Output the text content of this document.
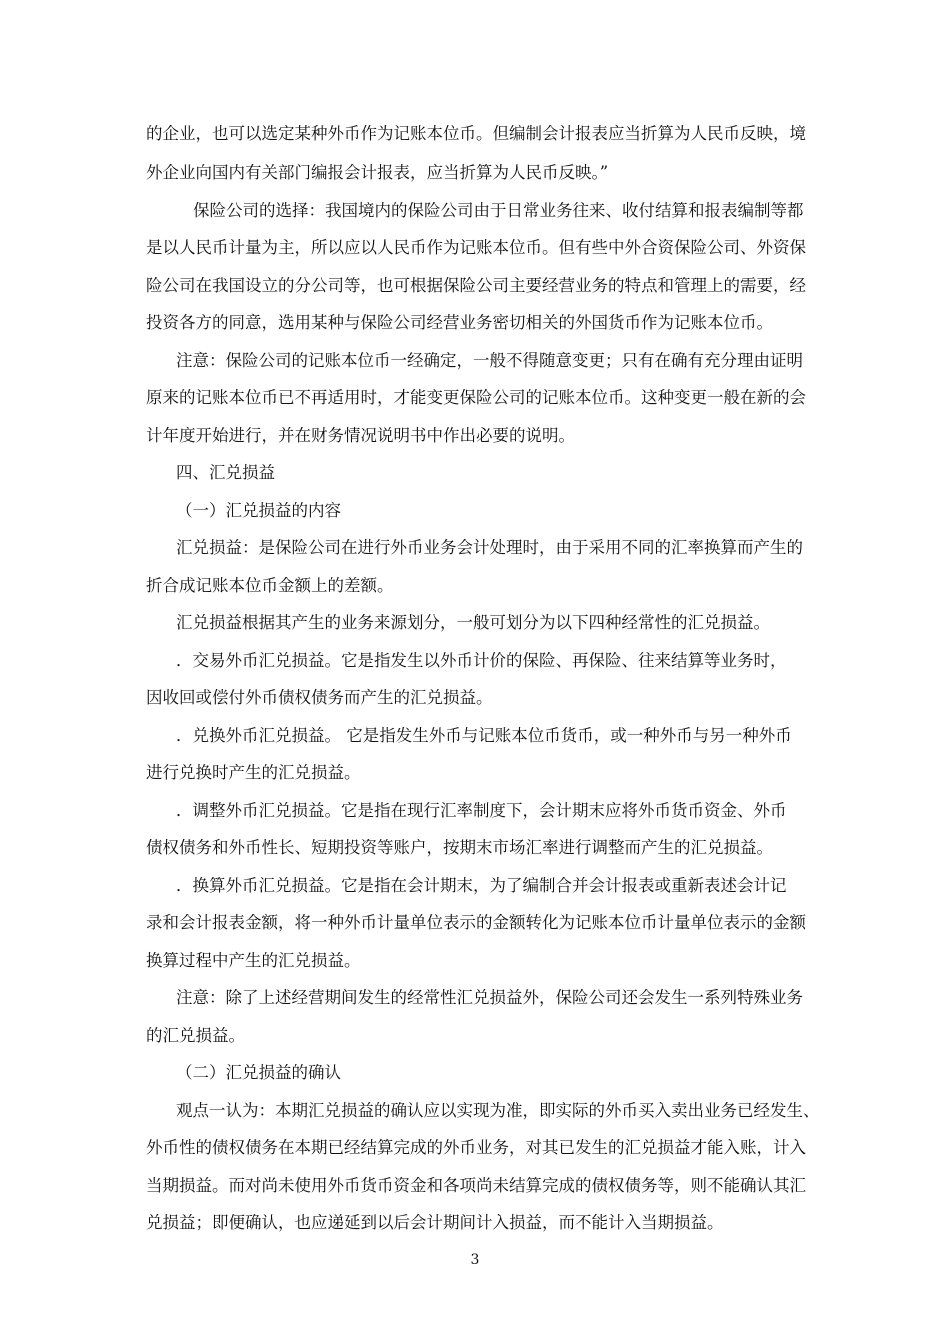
的企业，也可以选定某种外币作为记账本位币。但编制会计报表应当折算为人民币反映，境
外企业向国内有关部门编报会计报表，应当折算为人民币反映。”
保险公司的选择：我国境内的保险公司由于日常业务往来、收付结算和报表编制等都
是以人民币计量为主，所以应以人民币作为记账本位币。但有些中外合资保险公司、外资保
险公司在我国设立的分公司等，也可根据保险公司主要经营业务的特点和管理上的需要，经
投资各方的同意，选用某种与保险公司经营业务密切相关的外国货币作为记账本位币。
注意：保险公司的记账本位币一经确定，一般不得随意变更；只有在确有充分理由证明
原来的记账本位币已不再适用时，才能变更保险公司的记账本位币。这种变更一般在新的会
计年度开始进行，并在财务情况说明书中作出必要的说明。
四、汇兑损益
（一）汇兑损益的内容
汇兑损益：是保险公司在进行外币业务会计处理时，由于采用不同的汇率换算而产生的
折合成记账本位币金额上的差额。
汇兑损益根据其产生的业务来源划分，一般可划分为以下四种经常性的汇兑损益。
．交易外币汇兑损益。它是指发生以外币计价的保险、再保险、往来结算等业务时，
因收回或偿付外币债权债务而产生的汇兑损益。
．兑换外币汇兑损益。 它是指发生外币与记账本位币货币，或一种外币与另一种外币
进行兑换时产生的汇兑损益。
．调整外币汇兑损益。它是指在现行汇率制度下，会计期末应将外币货币资金、外币
债权债务和外币性长、短期投资等账户，按期末市场汇率进行调整而产生的汇兑损益。
．换算外币汇兑损益。它是指在会计期末，为了编制合并会计报表或重新表述会计记
录和会计报表金额，将一种外币计量单位表示的金额转化为记账本位币计量单位表示的金额
换算过程中产生的汇兑损益。
注意：除了上述经营期间发生的经常性汇兑损益外，保险公司还会发生一系列特殊业务
的汇兑损益。
（二）汇兑损益的确认
观点一认为：本期汇兑损益的确认应以实现为准，即实际的外币买入卖出业务已经发生、
外币性的债权债务在本期已经结算完成的外币业务，对其已发生的汇兑损益才能入账，计入
当期损益。而对尚未使用外币货币资金和各项尚未结算完成的债权债务等，则不能确认其汇
兑损益；即便确认，也应递延到以后会计期间计入损益，而不能计入当期损益。
3
